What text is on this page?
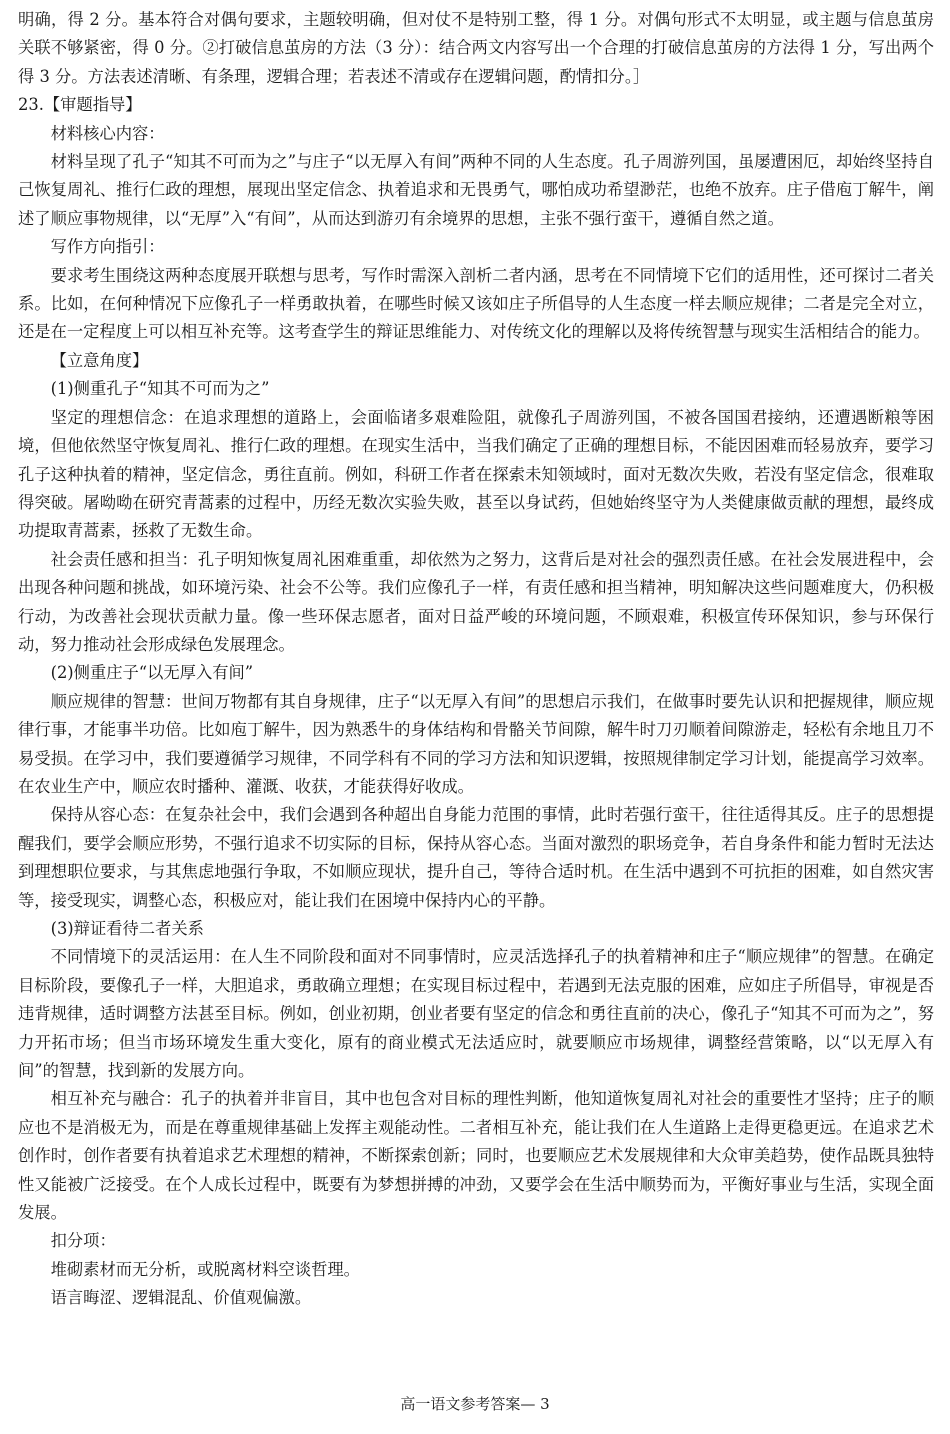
明确，得 2 分。基本符合对偶句要求，主题较明确，但对仗不是特别工整，得 1 分。对偶句形式不太明显，或主题与信息茧房关联不够紧密，得 0 分。②打破信息茧房的方法（3 分）：结合两文内容写出一个合理的打破信息茧房的方法得 1 分，写出两个得 3 分。方法表述清晰、有条理，逻辑合理；若表述不清或存在逻辑问题，酌情扣分。］

23.【审题指导】

材料核心内容：

材料呈现了孔子“知其不可而为之”与庄子“以无厚入有间”两种不同的人生态度。孔子周游列国，虽屡遭困厄，却始终坚持自己恢复周礼、推行仁政的理想，展现出坚定信念、执着追求和无畏勇气，哪怕成功希望渺茫，也绝不放弃。庄子借庖丁解牛，阐述了顺应事物规律，以“无厚”入“有间”，从而达到游刃有余境界的思想，主张不强行蛮干，遵循自然之道。

写作方向指引：

要求考生围绕这两种态度展开联想与思考，写作时需深入剖析二者内涵，思考在不同情境下它们的适用性，还可探讨二者关系。比如，在何种情况下应像孔子一样勇敢执着，在哪些时候又该如庄子所倡导的人生态度一样去顺应规律；二者是完全对立，还是在一定程度上可以相互补充等。这考查学生的辩证思维能力、对传统文化的理解以及将传统智慧与现实生活相结合的能力。

【立意角度】

(1)侧重孔子“知其不可而为之”

坚定的理想信念：在追求理想的道路上，会面临诸多艰难险阻，就像孔子周游列国，不被各国国君接纳，还遭遇断粮等困境，但他依然坚守恢复周礼、推行仁政的理想。在现实生活中，当我们确定了正确的理想目标，不能因困难而轻易放弃，要学习孔子这种执着的精神，坚定信念，勇往直前。例如，科研工作者在探索未知领域时，面对无数次失败，若没有坚定信念，很难取得突破。屠呦呦在研究青蒿素的过程中，历经无数次实验失败，甚至以身试药，但她始终坚守为人类健康做贡献的理想，最终成功提取青蒿素，拯救了无数生命。

社会责任感和担当：孔子明知恢复周礼困难重重，却依然为之努力，这背后是对社会的强烈责任感。在社会发展进程中，会出现各种问题和挑战，如环境污染、社会不公等。我们应像孔子一样，有责任感和担当精神，明知解决这些问题难度大，仍积极行动，为改善社会现状贡献力量。像一些环保志愿者，面对日益严峻的环境问题，不顾艰难，积极宣传环保知识，参与环保行动，努力推动社会形成绿色发展理念。

(2)侧重庄子“以无厚入有间”

顺应规律的智慧：世间万物都有其自身规律，庄子“以无厚入有间”的思想启示我们，在做事时要先认识和把握规律，顺应规律行事，才能事半功倍。比如庖丁解牛，因为熟悉牛的身体结构和骨骼关节间隙，解牛时刀刃顺着间隙游走，轻松有余地且刀不易受损。在学习中，我们要遵循学习规律，不同学科有不同的学习方法和知识逻辑，按照规律制定学习计划，能提高学习效率。在农业生产中，顺应农时播种、灌溉、收获，才能获得好收成。

保持从容心态：在复杂社会中，我们会遇到各种超出自身能力范围的事情，此时若强行蛮干，往往适得其反。庄子的思想提醒我们，要学会顺应形势，不强行追求不切实际的目标，保持从容心态。当面对激烈的职场竞争，若自身条件和能力暂时无法达到理想职位要求，与其焦虑地强行争取，不如顺应现状，提升自己，等待合适时机。在生活中遇到不可抗拒的困难，如自然灾害等，接受现实，调整心态，积极应对，能让我们在困境中保持内心的平静。

(3)辩证看待二者关系

不同情境下的灵活运用：在人生不同阶段和面对不同事情时，应灵活选择孔子的执着精神和庄子“顺应规律”的智慧。在确定目标阶段，要像孔子一样，大胆追求，勇敢确立理想；在实现目标过程中，若遇到无法克服的困难，应如庄子所倡导，审视是否违背规律，适时调整方法甚至目标。例如，创业初期，创业者要有坚定的信念和勇往直前的决心，像孔子“知其不可而为之”，努力开拓市场；但当市场环境发生重大变化，原有的商业模式无法适应时，就要顺应市场规律，调整经营策略，以“以无厚入有间”的智慧，找到新的发展方向。

相互补充与融合：孔子的执着并非盲目，其中也包含对目标的理性判断，他知道恢复周礼对社会的重要性才坚持；庄子的顺应也不是消极无为，而是在尊重规律基础上发挥主观能动性。二者相互补充，能让我们在人生道路上走得更稳更远。在追求艺术创作时，创作者要有执着追求艺术理想的精神，不断探索创新；同时，也要顺应艺术发展规律和大众审美趋势，使作品既具独特性又能被广泛接受。在个人成长过程中，既要有为梦想拼搏的冲劲，又要学会在生活中顺势而为，平衡好事业与生活，实现全面发展。

扣分项：

堆砌素材而无分析，或脱离材料空谈哲理。

语言晦涩、逻辑混乱、价值观偏激。

高一语文参考答案— 3
